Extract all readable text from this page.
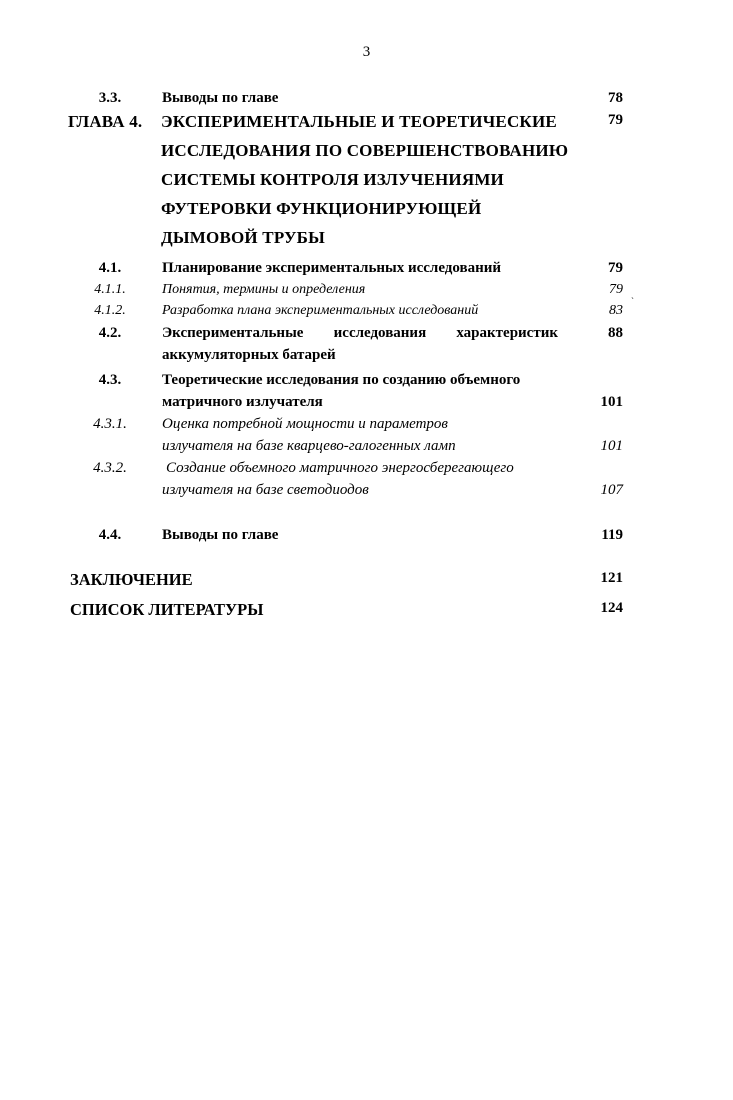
3
3.3.	Выводы по главе	78
ГЛАВА 4. ЭКСПЕРИМЕНТАЛЬНЫЕ И ТЕОРЕТИЧЕСКИЕ	79
ИССЛЕДОВАНИЯ ПО СОВЕРШЕНСТВОВАНИЮ
СИСТЕМЫ КОНТРОЛЯ ИЗЛУЧЕНИЯМИ
ФУТЕРОВКИ ФУНКЦИОНИРУЮЩЕЙ
ДЫМОВОЙ ТРУБЫ
4.1.	Планирование экспериментальных исследований	79
4.1.1.	Понятия, термины и определения	79
4.1.2.	Разработка плана экспериментальных исследований	83
ˋ
4.2.	Экспериментальные исследования характеристик	88
аккумуляторных батарей
4.3.	Теоретические исследования по созданию объемного
матричного излучателя	101
4.3.1.	Оценка потребной мощности и параметров
излучателя на базе кварцево-галогенных ламп	101
4.3.2.	Создание объемного матричного энергосберегающего
излучателя на базе светодиодов	107
4.4.	Выводы по главе	119
ЗАКЛЮЧЕНИЕ	121
СПИСОК ЛИТЕРАТУРЫ	124
